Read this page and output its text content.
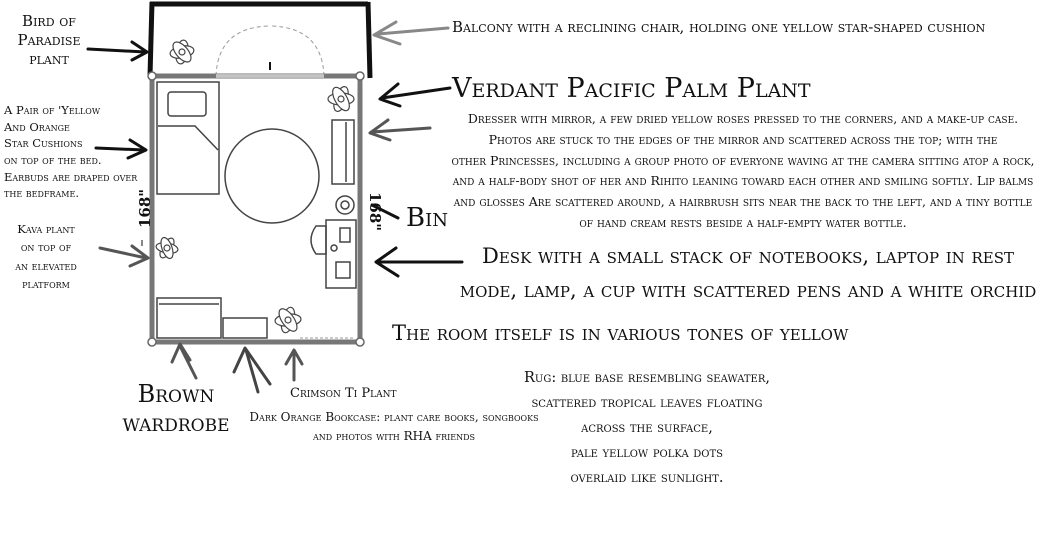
Bird of
Paradise
plant
Balcony with a reclining chair, holding one yellow star-shaped cushion
Verdant Pacific Palm Plant
A Pair of 'Yellow
And Orange
Star Cushions
on top of the bed.
Earbuds are draped over
the bedframe.
Dresser with mirror, a few dried yellow roses pressed to the corners, and a make-up case.
Photos are stuck to the edges of the mirror and scattered across the top; with the
other Princesses, including a group photo of everyone waving at the camera sitting atop a rock,
and a half-body shot of her and Rihito leaning toward each other and smiling softly. Lip balms
and glosses Are scattered around, a hairbrush sits near the back to the left, and a tiny bottle
of hand cream rests beside a half-empty water bottle.
168"	168" Bin
Kava plant
on top of
an elevated
platform
Desk with a small stack of notebooks, laptop in rest
mode, lamp, a cup with scattered pens and a white orchid
The room itself is in various tones of yellow
Brown
wardrobe
Crimson Ti Plant
Dark Orange Bookcase: plant care books, songbooks
and photos with RHA friends
Rug: blue base resembling seawater,
scattered tropical leaves floating
across the surface,
pale yellow polka dots
overlaid like sunlight.
